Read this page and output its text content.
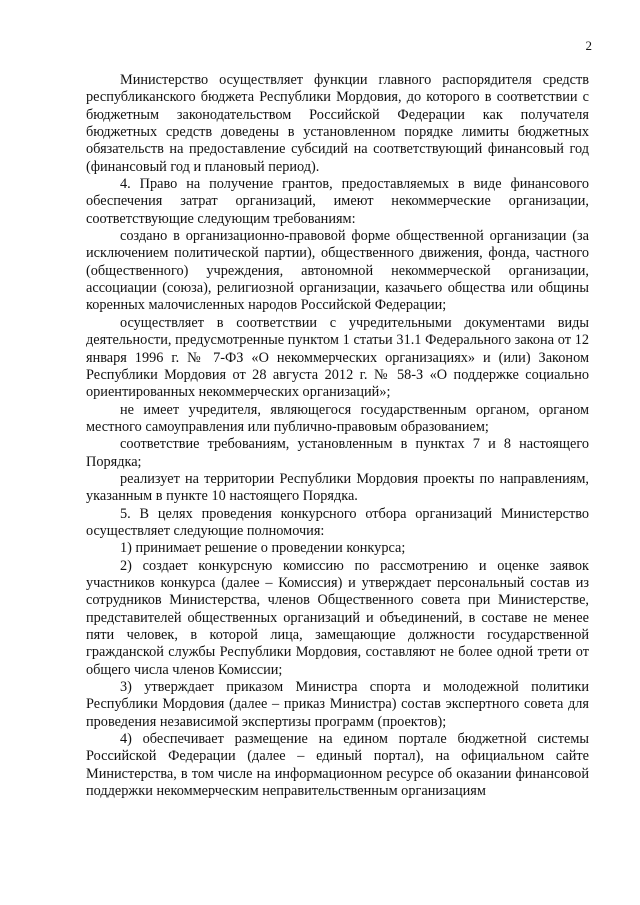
2

Министерство осуществляет функции главного распорядителя средств республиканского бюджета Республики Мордовия, до которого в соответствии с бюджетным законодательством Российской Федерации как получателя бюджетных средств доведены в установленном порядке лимиты бюджетных обязательств на предоставление субсидий на соответствующий финансовый год (финансовый год и плановый период).

4. Право на получение грантов, предоставляемых в виде финансового обеспечения затрат организаций, имеют некоммерческие организации, соответствующие следующим требованиям:

создано в организационно-правовой форме общественной организации (за исключением политической партии), общественного движения, фонда, частного (общественного) учреждения, автономной некоммерческой организации, ассоциации (союза), религиозной организации, казачьего общества или общины коренных малочисленных народов Российской Федерации;

осуществляет в соответствии с учредительными документами виды деятельности, предусмотренные пунктом 1 статьи 31.1 Федерального закона от 12 января 1996 г. № 7-ФЗ «О некоммерческих организациях» и (или) Законом Республики Мордовия от 28 августа 2012 г. № 58-З «О поддержке социально ориентированных некоммерческих организаций»;

не имеет учредителя, являющегося государственным органом, органом местного самоуправления или публично-правовым образованием;

соответствие требованиям, установленным в пунктах 7 и 8 настоящего Порядка;

реализует на территории Республики Мордовия проекты по направлениям, указанным в пункте 10 настоящего Порядка.

5. В целях проведения конкурсного отбора организаций Министерство осуществляет следующие полномочия:

1) принимает решение о проведении конкурса;

2) создает конкурсную комиссию по рассмотрению и оценке заявок участников конкурса (далее – Комиссия) и утверждает персональный состав из сотрудников Министерства, членов Общественного совета при Министерстве, представителей общественных организаций и объединений, в составе не менее пяти человек, в которой лица, замещающие должности государственной гражданской службы Республики Мордовия, составляют не более одной трети от общего числа членов Комиссии;

3) утверждает приказом Министра спорта и молодежной политики Республики Мордовия (далее – приказ Министра) состав экспертного совета для проведения независимой экспертизы программ (проектов);

4) обеспечивает размещение на едином портале бюджетной системы Российской Федерации (далее – единый портал), на официальном сайте Министерства, в том числе на информационном ресурсе об оказании финансовой поддержки некоммерческим неправительственным организациям
